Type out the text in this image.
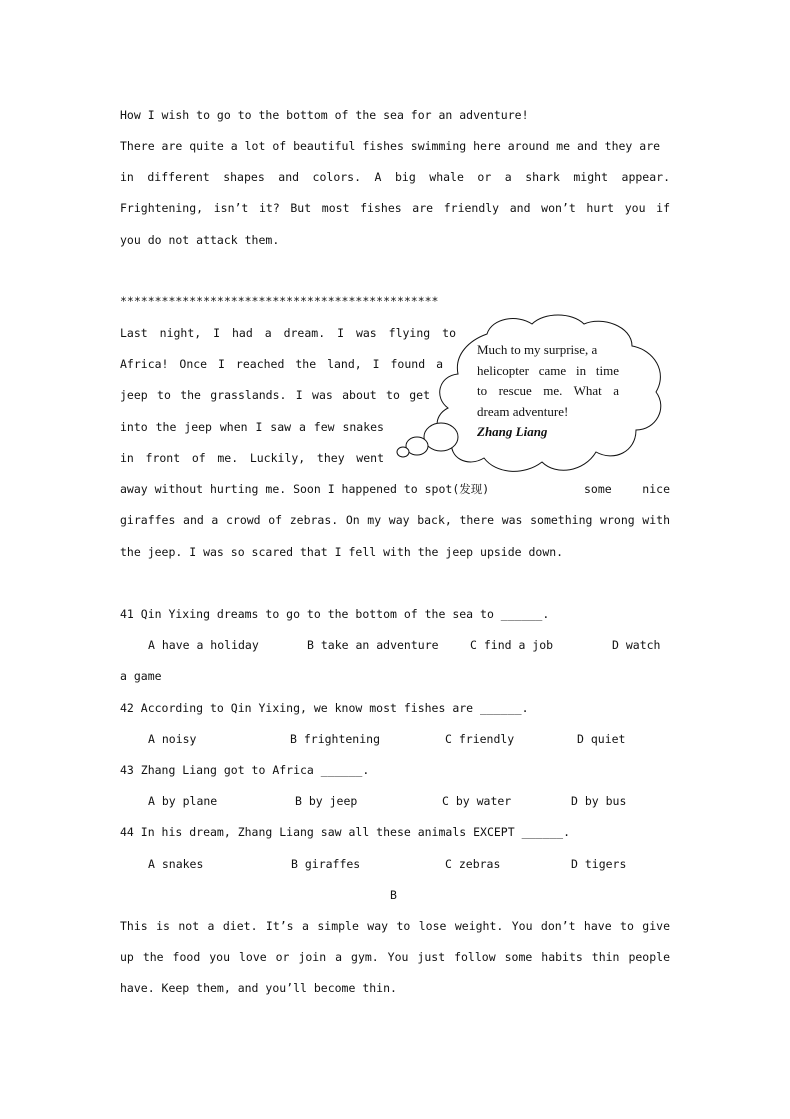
How I wish to go to the bottom of the sea for an adventure!
There are quite a lot of beautiful fishes swimming here around me and they are
in different shapes and colors. A big whale or a shark might appear.
Frightening, isn’t it? But most fishes are friendly and won’t hurt you if
you do not attack them.
**********************************************
Last night, I had a dream. I was flying to
Africa! Once I reached the land, I found a
jeep to the grasslands. I was about to get
into the jeep when I saw a few snakes
in front of me. Luckily, they went
away without hurting me. Soon I happened to spot(发现)	some nice
giraffes and a crowd of zebras. On my way back, there was something wrong with
the jeep. I was so scared that I fell with the jeep upside down.
Much to my surprise, a
helicopter came in time
to rescue me. What a
dream adventure!
Zhang Liang
41 Qin Yixing dreams to go to the bottom of the sea to ______.
A have a holiday	B take an adventure	C find a job	D watch
a game
42 According to Qin Yixing, we know most fishes are ______.
A noisy	B frightening	C friendly	D quiet
43 Zhang Liang got to Africa ______.
A by plane	B by jeep	C by water	D by bus
44 In his dream, Zhang Liang saw all these animals EXCEPT ______.
A snakes	B giraffes	C zebras	D tigers
B
This is not a diet. It’s a simple way to lose weight. You don’t have to give
up the food you love or join a gym. You just follow some habits thin people
have. Keep them, and you’ll become thin.
